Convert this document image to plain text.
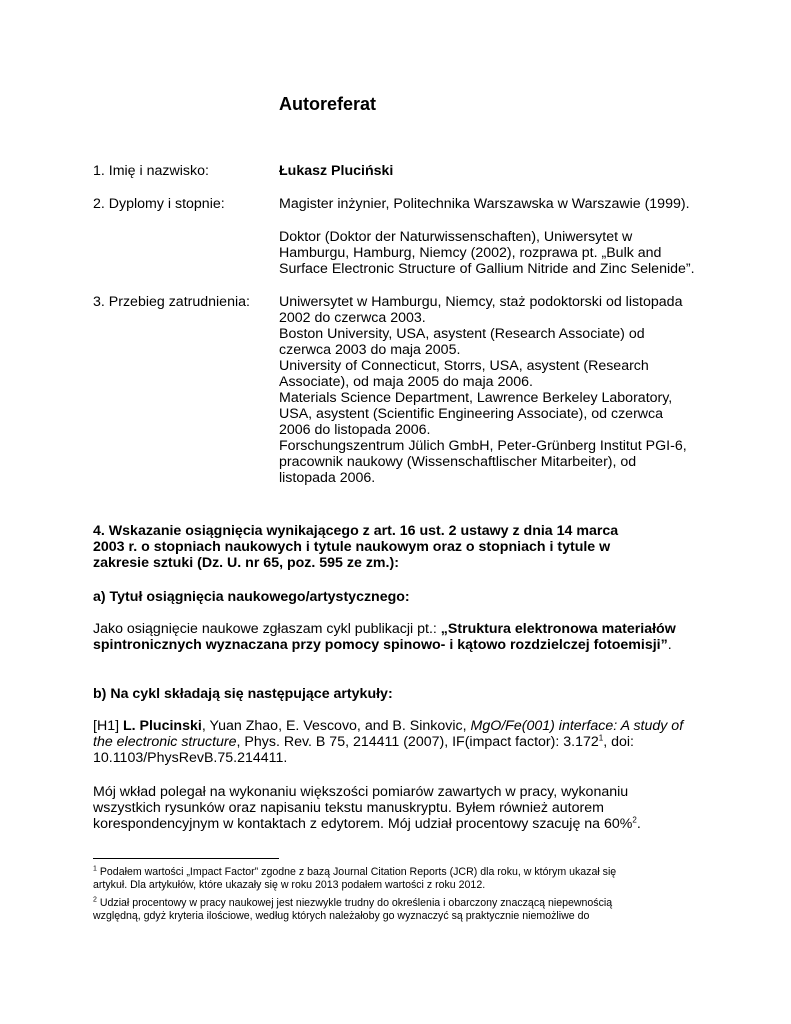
Autoreferat
1. Imię i nazwisko:	Łukasz Pluciński
2. Dyplomy i stopnie:	Magister inżynier, Politechnika Warszawska w Warszawie (1999).
Doktor (Doktor der Naturwissenschaften), Uniwersytet w
Hamburgu, Hamburg, Niemcy (2002), rozprawa pt. „Bulk and
Surface Electronic Structure of Gallium Nitride and Zinc Selenide”.
3. Przebieg zatrudnienia: Uniwersytet w Hamburgu, Niemcy, staż podoktorski od listopada
2002 do czerwca 2003.
Boston University, USA, asystent (Research Associate) od
czerwca 2003 do maja 2005.
University of Connecticut, Storrs, USA, asystent (Research
Associate), od maja 2005 do maja 2006.
Materials Science Department, Lawrence Berkeley Laboratory,
USA, asystent (Scientific Engineering Associate), od czerwca
2006 do listopada 2006.
Forschungszentrum Jülich GmbH, Peter-Grünberg Institut PGI-6,
pracownik naukowy (Wissenschaftlischer Mitarbeiter), od
listopada 2006.
4. Wskazanie osiągnięcia wynikającego z art. 16 ust. 2 ustawy z dnia 14 marca
2003 r. o stopniach naukowych i tytule naukowym oraz o stopniach i tytule w
zakresie sztuki (Dz. U. nr 65, poz. 595 ze zm.):
a) Tytuł osiągnięcia naukowego/artystycznego:
Jako osiągnięcie naukowe zgłaszam cykl publikacji pt.: „Struktura elektronowa materiałów
spintronicznych wyznaczana przy pomocy spinowo- i kątowo rozdzielczej fotoemisji”.
b) Na cykl składają się następujące artykuły:
[H1] L. Plucinski, Yuan Zhao, E. Vescovo, and B. Sinkovic, MgO/Fe(001) interface: A study of
the electronic structure, Phys. Rev. B 75, 214411 (2007), IF(impact factor): 3.172$^1$, doi:
10.1103/PhysRevB.75.214411.
Mój wkład polegał na wykonaniu większości pomiarów zawartych w pracy, wykonaniu
wszystkich rysunków oraz napisaniu tekstu manuskryptu. Byłem również autorem
korespondencyjnym w kontaktach z edytorem. Mój udział procentowy szacuję na 60%$^2$.
$^1$ Podałem wartości „Impact Factor” zgodne z bazą Journal Citation Reports (JCR) dla roku, w którym ukazał się
artykuł. Dla artykułów, które ukazały się w roku 2013 podałem wartości z roku 2012.
$^2$ Udział procentowy w pracy naukowej jest niezwykle trudny do określenia i obarczony znaczącą niepewnością
względną, gdyż kryteria ilościowe, według których należałoby go wyznaczyć są praktycznie niemożliwe do
